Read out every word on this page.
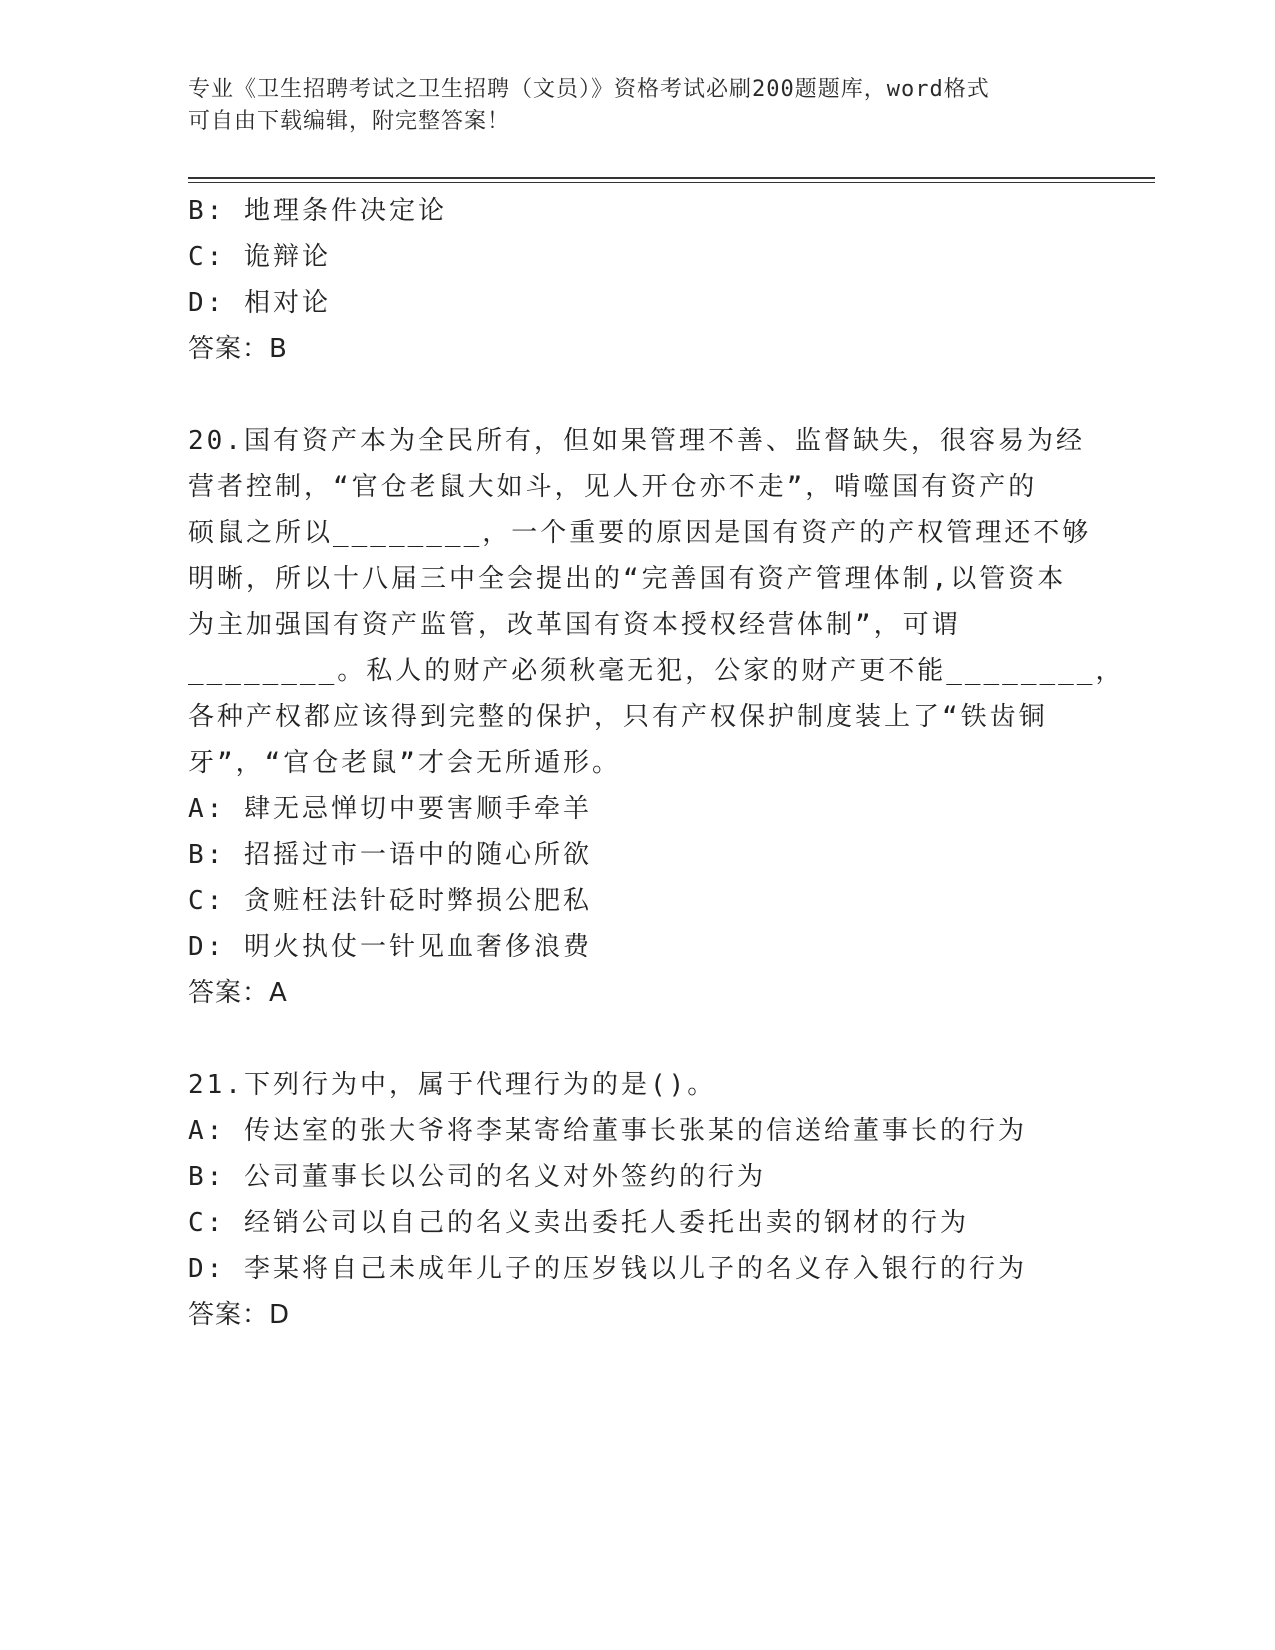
专业《卫生招聘考试之卫生招聘（文员）》资格考试必刷200题题库，word格式
可自由下载编辑，附完整答案！
B: 地理条件决定论
C: 诡辩论
D: 相对论
答案：B
20.国有资产本为全民所有，但如果管理不善、监督缺失，很容易为经
营者控制，“官仓老鼠大如斗，见人开仓亦不走”，啃噬国有资产的
硕鼠之所以________，一个重要的原因是国有资产的产权管理还不够
明晰，所以十八届三中全会提出的“完善国有资产管理体制,以管资本
为主加强国有资产监管，改革国有资本授权经营体制”，可谓
________。私人的财产必须秋毫无犯，公家的财产更不能________，
各种产权都应该得到完整的保护，只有产权保护制度装上了“铁齿铜
牙”，“官仓老鼠”才会无所遁形。
A: 肆无忌惮切中要害顺手牵羊
B: 招摇过市一语中的随心所欲
C: 贪赃枉法针砭时弊损公肥私
D: 明火执仗一针见血奢侈浪费
答案：A
21.下列行为中，属于代理行为的是()。
A: 传达室的张大爷将李某寄给董事长张某的信送给董事长的行为
B: 公司董事长以公司的名义对外签约的行为
C: 经销公司以自己的名义卖出委托人委托出卖的钢材的行为
D: 李某将自己未成年儿子的压岁钱以儿子的名义存入银行的行为
答案：D
